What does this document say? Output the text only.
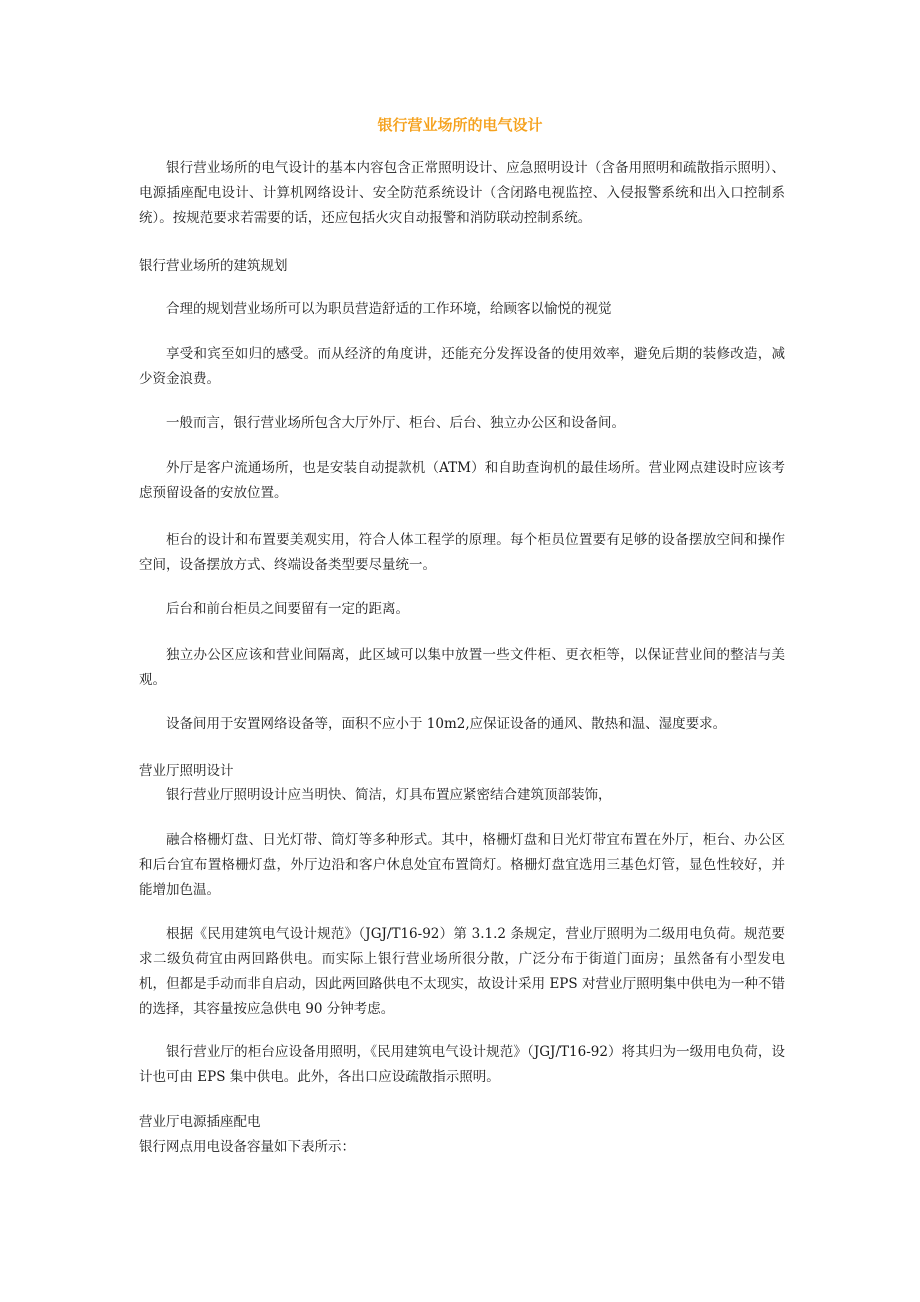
银行营业场所的电气设计

银行营业场所的电气设计的基本内容包含正常照明设计、应急照明设计（含备用照明和疏散指示照明）、电源插座配电设计、计算机网络设计、安全防范系统设计（含闭路电视监控、入侵报警系统和出入口控制系统）。按规范要求若需要的话，还应包括火灾自动报警和消防联动控制系统。

银行营业场所的建筑规划

合理的规划营业场所可以为职员营造舒适的工作环境，给顾客以愉悦的视觉

享受和宾至如归的感受。而从经济的角度讲，还能充分发挥设备的使用效率，避免后期的装修改造，减少资金浪费。

一般而言，银行营业场所包含大厅外厅、柜台、后台、独立办公区和设备间。

外厅是客户流通场所，也是安装自动提款机（ATM）和自助查询机的最佳场所。营业网点建设时应该考虑预留设备的安放位置。

柜台的设计和布置要美观实用，符合人体工程学的原理。每个柜员位置要有足够的设备摆放空间和操作空间，设备摆放方式、终端设备类型要尽量统一。

后台和前台柜员之间要留有一定的距离。

独立办公区应该和营业间隔离，此区域可以集中放置一些文件柜、更衣柜等，以保证营业间的整洁与美观。

设备间用于安置网络设备等，面积不应小于 10m2,应保证设备的通风、散热和温、湿度要求。

营业厅照明设计

银行营业厅照明设计应当明快、简洁，灯具布置应紧密结合建筑顶部装饰，

融合格栅灯盘、日光灯带、筒灯等多种形式。其中，格栅灯盘和日光灯带宜布置在外厅，柜台、办公区和后台宜布置格栅灯盘，外厅边沿和客户休息处宜布置筒灯。格栅灯盘宜选用三基色灯管，显色性较好，并能增加色温。

根据《民用建筑电气设计规范》（JGJ/T16-92）第 3.1.2 条规定，营业厅照明为二级用电负荷。规范要求二级负荷宜由两回路供电。而实际上银行营业场所很分散，广泛分布于街道门面房；虽然备有小型发电机，但都是手动而非自启动，因此两回路供电不太现实，故设计采用 EPS 对营业厅照明集中供电为一种不错的选择，其容量按应急供电 90 分钟考虑。

银行营业厅的柜台应设备用照明，《民用建筑电气设计规范》（JGJ/T16-92）将其归为一级用电负荷，设计也可由 EPS 集中供电。此外，各出口应设疏散指示照明。

营业厅电源插座配电

银行网点用电设备容量如下表所示：
